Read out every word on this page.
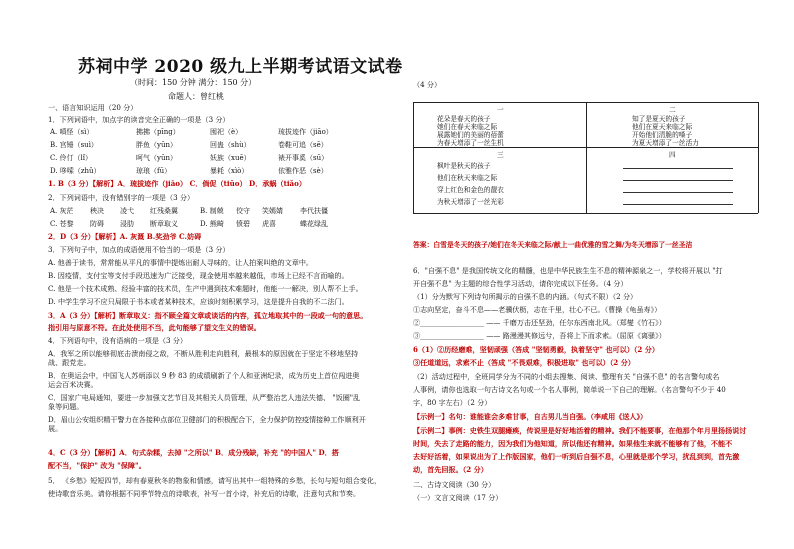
苏祠中学 2020 级九上半期考试语文试卷
（时间：150 分钟 满分：150 分）
命题人：曾红桃
一、语言知识运用（20 分）
1．下列词语中，加点字的读音完全正确的一项是（3 分）
A. 嗔怪（sì）	拂拂（pīng）	囤祀（è）	琉拔迹作（jiāo）
B. 宫锤（suì）	胖鱼（yūn）	回蛊（shù）	卷鞋可追（sē）
C. 伶仃（lǐ）	呵气（yūn）	妖族（xuē）	裱开事奚（sū）
D. 哆嗦（zhǔ）	琼琅（fū）	暴耗（xìò）	依雅作恶（sè）
1. B（3 分）【解析】A．琉拔迹作（jiāo） C．倘促（tiǔo） D．承蜗（tiǎo）
2．下列词语中，没有错别字的一项是（3 分）
A. 灰茫 秧决 凌弋 红残桑翼	B. 制兢 佼守 笑嫣婧 李代扶僵
C. 苍黎 防碍 浸肋 断章取义	D. 熊畸 愤碧 虎喜	蝶花绿乱
2．D（3 分）【解析】A. 灰溉 B.奖劲爷 C.妨碍
3．下列句子中，加点的成语使用不恰当的一项是（3 分）
A. 他善于读书，常常能从平凡的事情中提炼出耐人寻味的，让人拍案叫绝的文章中。
B. 因疫情，支付宝等支付手段迅速为广泛接受，现金使用率越来越低，市场上已经不言而喻的。
C. 他是一个技术成熟、经验丰富的技术员，生产中遇到技术难题时，他能一一解决，别人帮不上手。
D. 中学生学习不应只局限于书本或者某种技术，应该时刻积累学习，这是提升自我的不二法门。
3．A（3 分）【解析】断章取义：指不顾全篇文章或谈话的内容，孤立地取其中的一段或一句的意思。
指引用与原意不符。在此处使用不当，此句能够了望文生义的错误。
4．下列语句中，没有语病的一项是（3 分）
A．我军之所以能够彻底击溃南侵之敌，不断从胜利走向胜利，最根本的原因就在于坚定不移地坚持战、跟党走。
B．在奥运会中，中国飞人苏炳添以 9 秒 83 的成绩刷新了个人和亚洲纪录，成为历史上首位闯进奥运会百米决赛。
C．国家广电局通知，要进一步加强文艺节目及其相关人员管理，从严整治艺人违法失德、 "饭圈"乱象等问题。
D．眉山公安组织精干警力在各接种点部位卫健部门的积极配合下，全力保护防控疫情接种工作顺利开展。
4．C（3 分）【解析】A．句式杂糅，去掉 "之所以" B．成分残缺，补充 "的中国人" D．搭
配不当，"保护" 改为 "保障"。
5． 《乡愁》短短四节，却有春夏秋冬的物象和情感，请写出其中一组特殊的乡愁，长句与短句组合变化，
使诗歌音乐美。请你根据不同季节特点的诗歌表，补写一首小诗，补充后的诗歌，注意句式和节奏。
（4 分）
一
花朵是春天的孩子
她们在春天来临之际
展露她们的美丽的蓓蕾
为春天增添了一丝生机
二
知了是夏天的孩子
他们在夏天来临之际
开始他们清脆的嗓子
为夏天增添了一丝活力
三
枫叶是秋天的孩子
他们在秋天来临之际
穿上红色和金色的靓衣
为秋天增添了一丝光彩
四
答案：白雪是冬天的孩子/她们在冬天来临之际/献上一曲优雅的雪之舞/为冬天增添了一丝圣洁
6．"自强不息" 是我国传统文化的精髓，也是中华民族生生不息的精神源泉之一，学校将开展以 "打
开自强不息" 为主题的综合性学习活动，请你完成以下任务。（4 分）
（1）分为默写下列诗句所揭示的自强不息的内涵。（句式不限）（2 分）
①志向坚定，奋斗不息——老骥伏枥，志在千里，壮心不已。（曹操《龟虽寿》）
②__________________ —— 千磨万击还坚劲，任尔东西南北风。（郑燮《竹石》）
③__________________ —— 路漫漫其修远兮，吾将上下而求索。（屈原《离骚》）
6（1）②历经磨难，坚韧顽强（答成 "坚韧勇毅，执着坚守" 也可以）（2 分）
③任道道远，求索不止（答成 "不畏艰难，积极进取" 也可以）（2 分）
（2）活动过程中，全班同学分为不同的小组去搜集、阅读、整理有关 "自强不息" 的名言警句或名
人事例，请你也选取一句古诗文名句或一个名人事例，简单说一下自己的理解。（名言警句不少于 40
字，80 字左右）（2 分）
【示例一】名句：谁能谁会多难甘事，自古男儿当自强。（李咸用《送人》）
【示例二】事例：史铁生双腿瘫痪，传说里是好好地活着的精神。我们不能要事，在他那个年月里扬扬说讨
时间，失去了走路的能力，因为我们为他知道，所以他还有精神。如果他生来就不能够有了他，不能不
去好好活着，如果说出为了上作版国家，他们一听到后自强不息，心里就是那个学习，扰乱到到，首先激
动，首先回报。（2 分）
二、古诗文阅读（30 分）
（一）文言文阅读（17 分）
